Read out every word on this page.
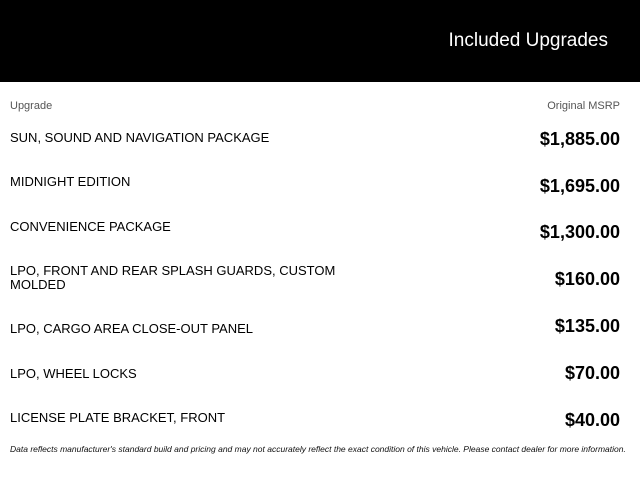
Included Upgrades
Upgrade	Original MSRP
SUN, SOUND AND NAVIGATION PACKAGE	$1,885.00
MIDNIGHT EDITION	$1,695.00
CONVENIENCE PACKAGE	$1,300.00
LPO, FRONT AND REAR SPLASH GUARDS, CUSTOM MOLDED	$160.00
LPO, CARGO AREA CLOSE-OUT PANEL	$135.00
LPO, WHEEL LOCKS	$70.00
LICENSE PLATE BRACKET, FRONT	$40.00
Data reflects manufacturer's standard build and pricing and may not accurately reflect the exact condition of this vehicle. Please contact dealer for more information.
